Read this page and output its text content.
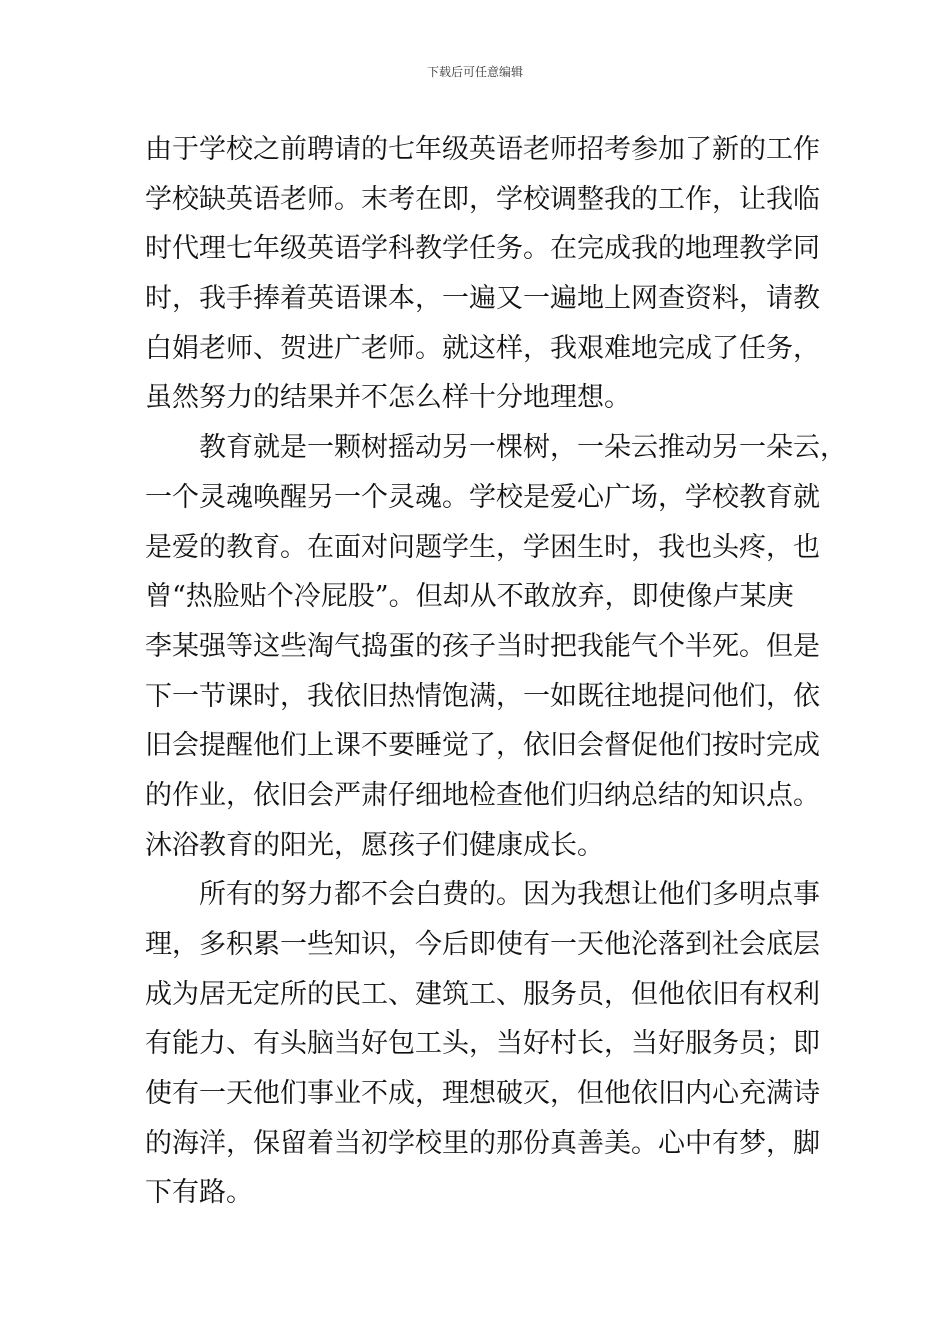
下载后可任意编辑
由于学校之前聘请的七年级英语老师招考参加了新的工作
学校缺英语老师。末考在即，学校调整我的工作，让我临
时代理七年级英语学科教学任务。在完成我的地理教学同
时，我手捧着英语课本，一遍又一遍地上网查资料，请教
白娟老师、贺进广老师。就这样，我艰难地完成了任务，
虽然努力的结果并不怎么样十分地理想。
　　教育就是一颗树摇动另一棵树，一朵云推动另一朵云，
一个灵魂唤醒另一个灵魂。学校是爱心广场，学校教育就
是爱的教育。在面对问题学生，学困生时，我也头疼，也
曾“热脸贴个冷屁股”。但却从不敢放弃，即使像卢某庚
李某强等这些淘气捣蛋的孩子当时把我能气个半死。但是
下一节课时，我依旧热情饱满，一如既往地提问他们，依
旧会提醒他们上课不要睡觉了，依旧会督促他们按时完成
的作业，依旧会严肃仔细地检查他们归纳总结的知识点。
沐浴教育的阳光，愿孩子们健康成长。
　　所有的努力都不会白费的。因为我想让他们多明点事
理，多积累一些知识，今后即使有一天他沦落到社会底层
成为居无定所的民工、建筑工、服务员，但他依旧有权利
有能力、有头脑当好包工头，当好村长，当好服务员；即
使有一天他们事业不成，理想破灭，但他依旧内心充满诗
的海洋，保留着当初学校里的那份真善美。心中有梦，脚
下有路。
